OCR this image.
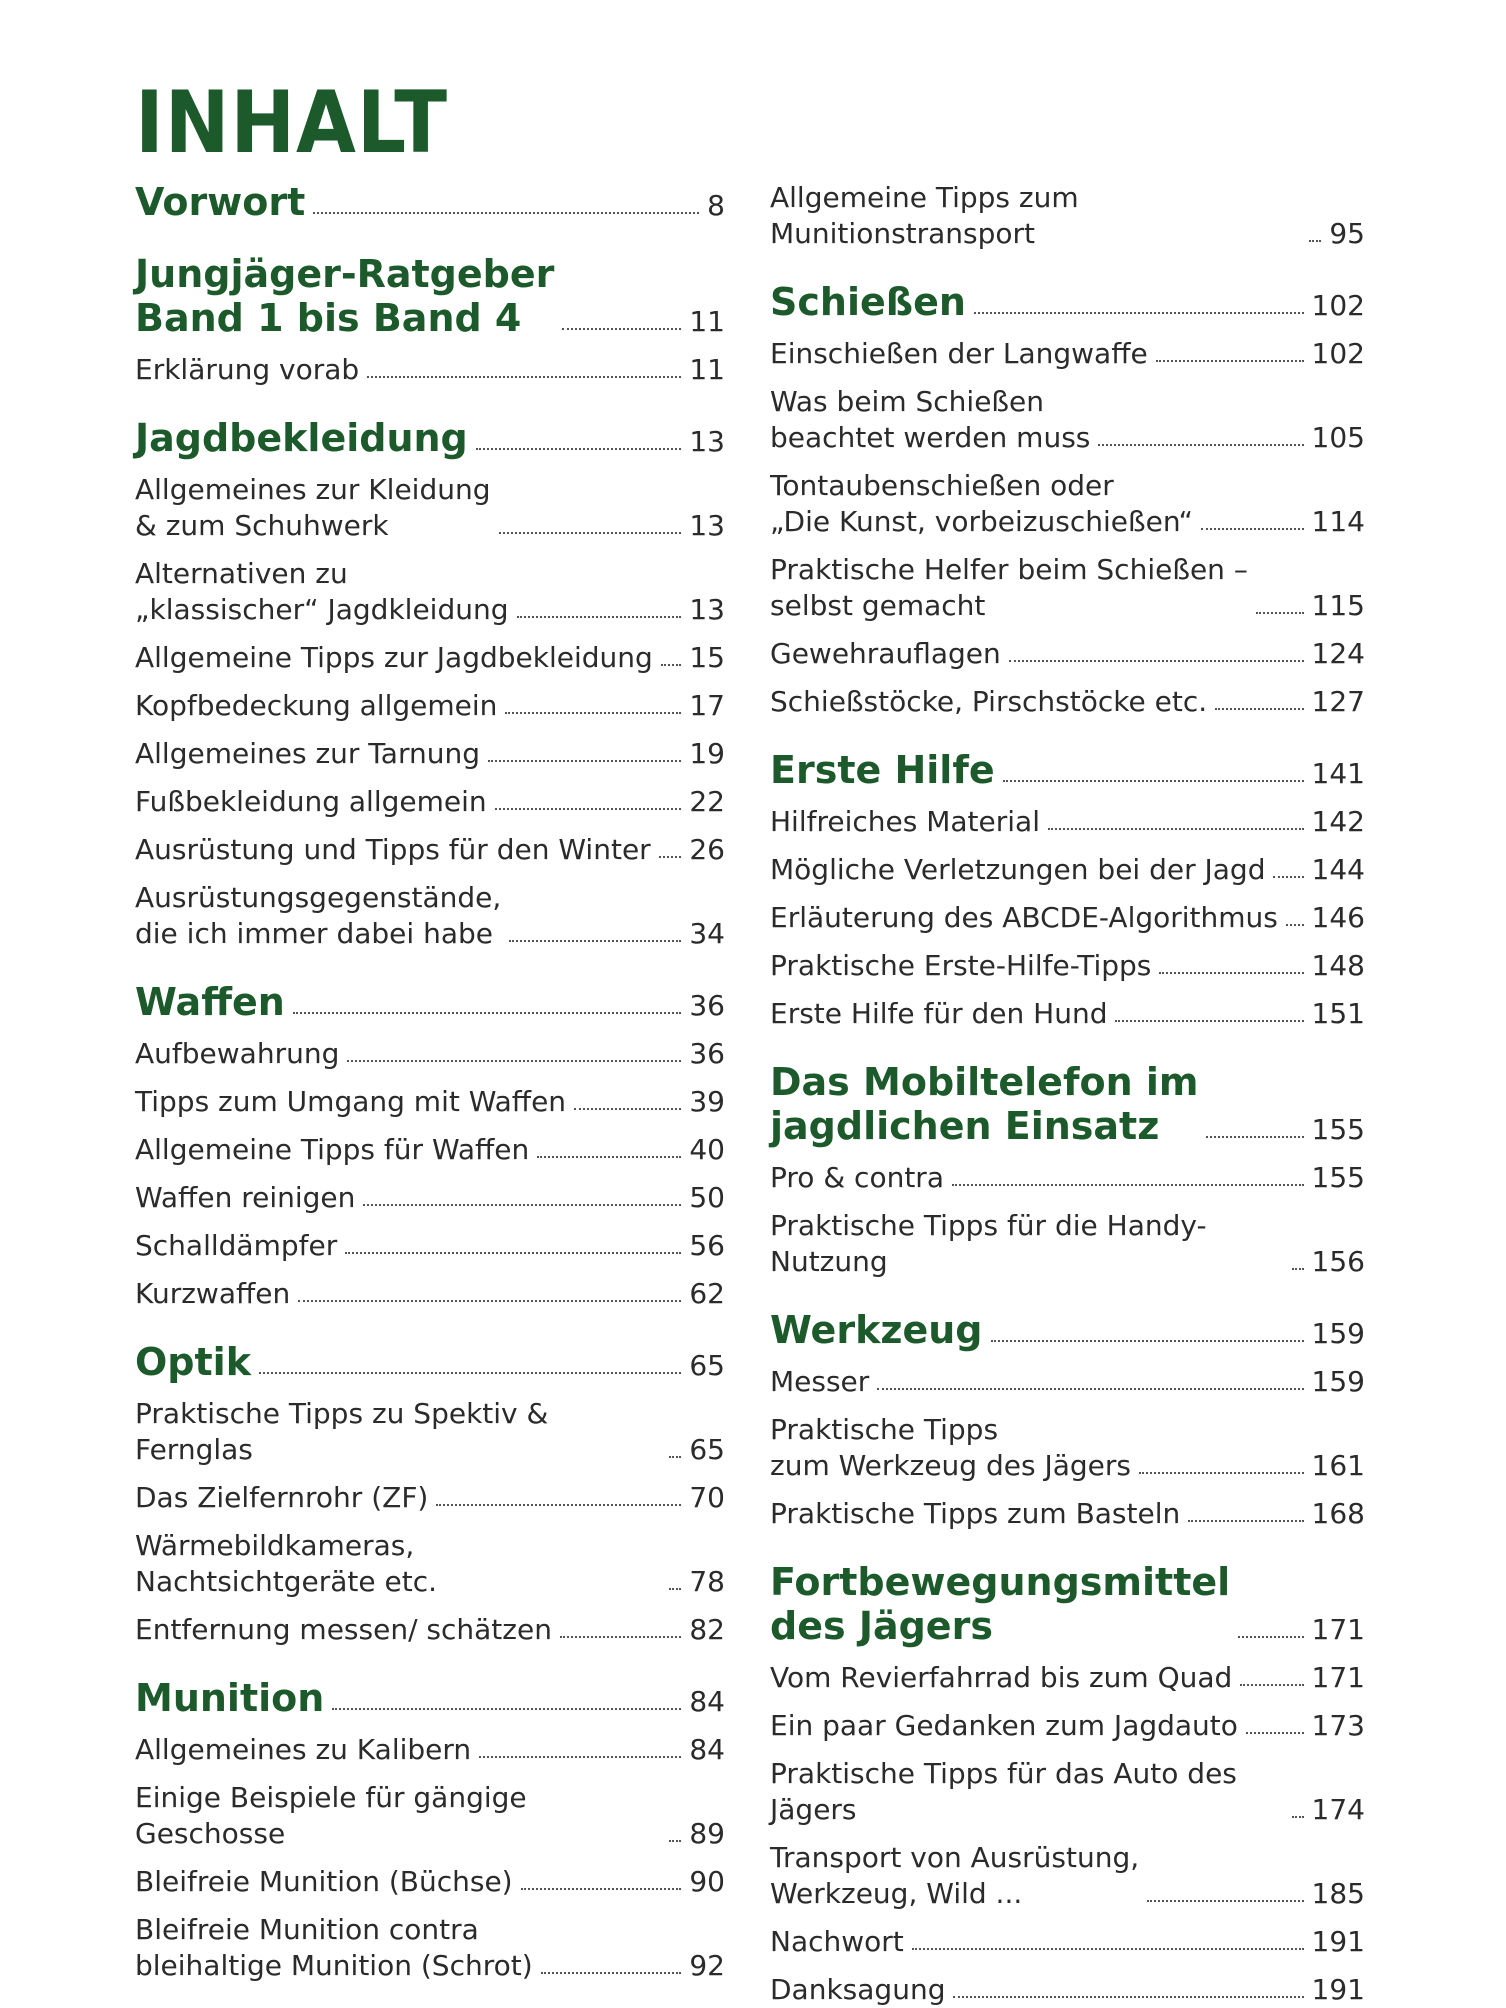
INHALT
Vorwort	8
Jungjäger-Ratgeber
Band 1 bis Band 4	11
Erklärung vorab	11
Jagdbekleidung	13
Allgemeines zur Kleidung
& zum Schuhwerk	13
Alternativen zu
„klassischer“ Jagdkleidung	13
Allgemeine Tipps zur Jagdbekleidung 15
Kopfbedeckung allgemein	17
Allgemeines zur Tarnung	19
Fußbekleidung allgemein	22
Ausrüstung und Tipps für den Winter 26
Ausrüstungsgegenstände,
die ich immer dabei habe	34
Waffen	36
Aufbewahrung	36
Tipps zum Umgang mit Waffen	39
Allgemeine Tipps für Waffen	40
Waffen reinigen	50
Schalldämpfer	56
Kurzwaffen	62
Optik	65
Praktische Tipps zu Spektiv & Fernglas	65
Das Zielfernrohr (ZF)	70
Wärmebildkameras, Nachtsichtgeräte etc.	78
Entfernung messen/ schätzen	82
Munition	84
Allgemeines zu Kalibern	84
Einige Beispiele für gängige Geschosse	89
Bleifreie Munition (Büchse)	90
Bleifreie Munition contra
bleihaltige Munition (Schrot)	92
Allgemeine Tipps zum Munitionstransport	95
Schießen	102
Einschießen der Langwaffe	102
Was beim Schießen
beachtet werden muss	105
Tontaubenschießen oder
„Die Kunst, vorbeizuschießen“	114
Praktische Helfer beim Schießen –
selbst gemacht	115
Gewehrauflagen	124
Schießstöcke, Pirschstöcke etc.	127
Erste Hilfe	141
Hilfreiches Material	142
Mögliche Verletzungen bei der Jagd 144
Erläuterung des ABCDE-Algorithmus 146
Praktische Erste-Hilfe-Tipps	148
Erste Hilfe für den Hund	151
Das Mobiltelefon im
jagdlichen Einsatz	155
Pro & contra	155
Praktische Tipps für die Handy-Nutzung	156
Werkzeug	159
Messer	159
Praktische Tipps
zum Werkzeug des Jägers	161
Praktische Tipps zum Basteln	168
Fortbewegungsmittel
des Jägers	171
Vom Revierfahrrad bis zum Quad	171
Ein paar Gedanken zum Jagdauto	173
Praktische Tipps für das Auto des Jägers	174
Transport von Ausrüstung,
Werkzeug, Wild ...	185
Nachwort	191
Danksagung	191
